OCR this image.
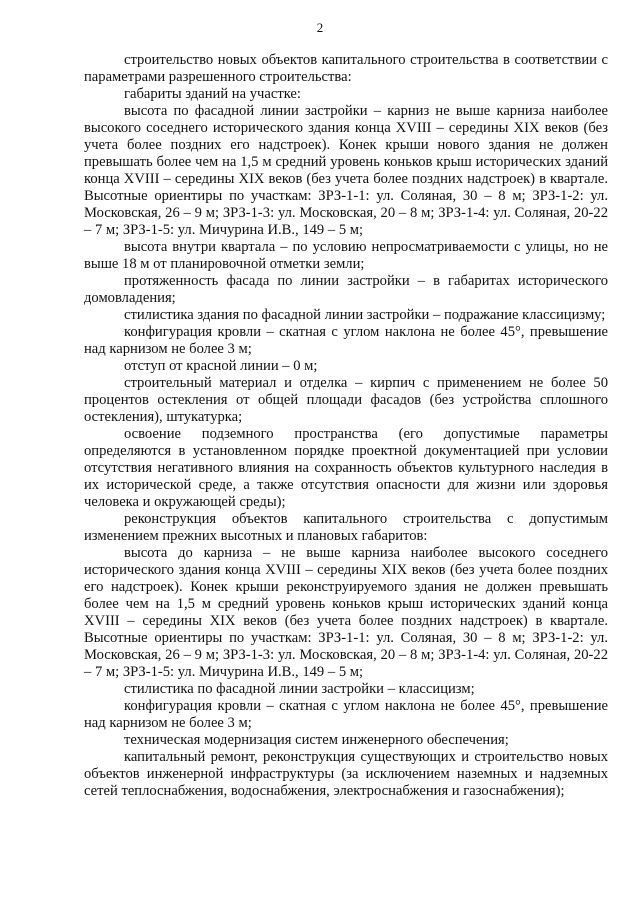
2

строительство новых объектов капитального строительства в соответствии с параметрами разрешенного строительства:

габариты зданий на участке:

высота по фасадной линии застройки – карниз не выше карниза наиболее высокого соседнего исторического здания конца XVIII – середины XIX веков (без учета более поздних его надстроек). Конек крыши нового здания не должен превышать более чем на 1,5 м средний уровень коньков крыш исторических зданий конца XVIII – середины XIX веков (без учета более поздних надстроек) в квартале. Высотные ориентиры по участкам: ЗРЗ-1-1: ул. Соляная, 30 – 8 м; ЗРЗ-1-2: ул. Московская, 26 – 9 м; ЗРЗ-1-3: ул. Московская, 20 – 8 м; ЗРЗ-1-4: ул. Соляная, 20-22 – 7 м; ЗРЗ-1-5: ул. Мичурина И.В., 149 – 5 м;

высота внутри квартала – по условию непросматриваемости с улицы, но не выше 18 м от планировочной отметки земли;

протяженность фасада по линии застройки – в габаритах исторического домовладения;

стилистика здания по фасадной линии застройки – подражание классицизму;

конфигурация кровли – скатная с углом наклона не более 45°, превышение над карнизом не более 3 м;

отступ от красной линии – 0 м;

строительный материал и отделка – кирпич с применением не более 50 процентов остекления от общей площади фасадов (без устройства сплошного остекления), штукатурка;

освоение подземного пространства (его допустимые параметры определяются в установленном порядке проектной документацией при условии отсутствия негативного влияния на сохранность объектов культурного наследия в их исторической среде, а также отсутствия опасности для жизни или здоровья человека и окружающей среды);

реконструкция объектов капитального строительства с допустимым изменением прежних высотных и плановых габаритов:

высота до карниза – не выше карниза наиболее высокого соседнего исторического здания конца XVIII – середины XIX веков (без учета более поздних его надстроек). Конек крыши реконструируемого здания не должен превышать более чем на 1,5 м средний уровень коньков крыш исторических зданий конца XVIII – середины XIX веков (без учета более поздних надстроек) в квартале. Высотные ориентиры по участкам: ЗРЗ-1-1: ул. Соляная, 30 – 8 м; ЗРЗ-1-2: ул. Московская, 26 – 9 м; ЗРЗ-1-3: ул. Московская, 20 – 8 м; ЗРЗ-1-4: ул. Соляная, 20-22 – 7 м; ЗРЗ-1-5: ул. Мичурина И.В., 149 – 5 м;

стилистика по фасадной линии застройки – классицизм;

конфигурация кровли – скатная с углом наклона не более 45°, превышение над карнизом не более 3 м;

техническая модернизация систем инженерного обеспечения;

капитальный ремонт, реконструкция существующих и строительство новых объектов инженерной инфраструктуры (за исключением наземных и надземных сетей теплоснабжения, водоснабжения, электроснабжения и газоснабжения);
